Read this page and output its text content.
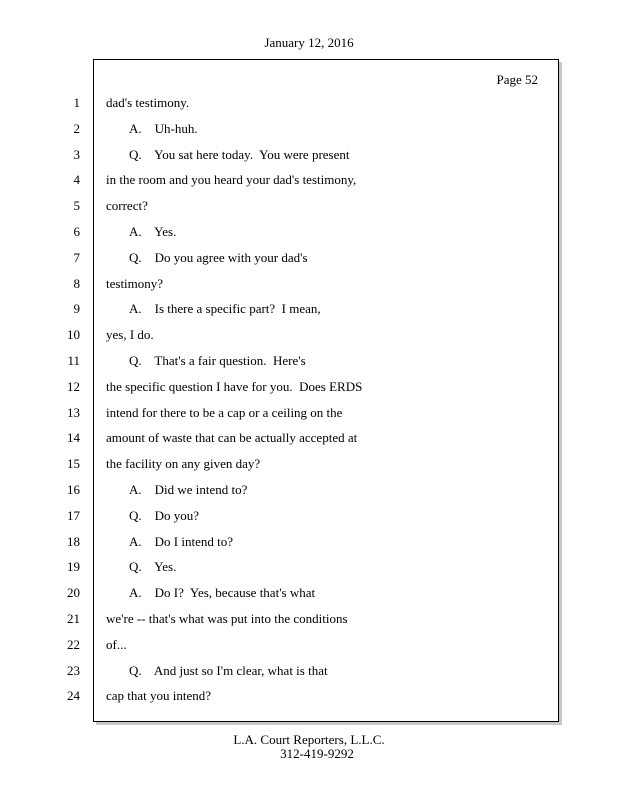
January 12, 2016
Page 52
1
2
3
4
5
6
7
8
9
10
11
12
13
14
15
16
17
18
19
20
21
22
23
24
dad's testimony.
A.    Uh-huh.
Q.    You sat here today.  You were present
in the room and you heard your dad's testimony,
correct?
A.    Yes.
Q.    Do you agree with your dad's
testimony?
A.    Is there a specific part?  I mean,
yes, I do.
Q.    That's a fair question.  Here's
the specific question I have for you.  Does ERDS
intend for there to be a cap or a ceiling on the
amount of waste that can be actually accepted at
the facility on any given day?
A.    Did we intend to?
Q.    Do you?
A.    Do I intend to?
Q.    Yes.
A.    Do I?  Yes, because that's what
we're -- that's what was put into the conditions
of...
Q.    And just so I'm clear, what is that
cap that you intend?
L.A. Court Reporters, L.L.C.
312-419-9292
